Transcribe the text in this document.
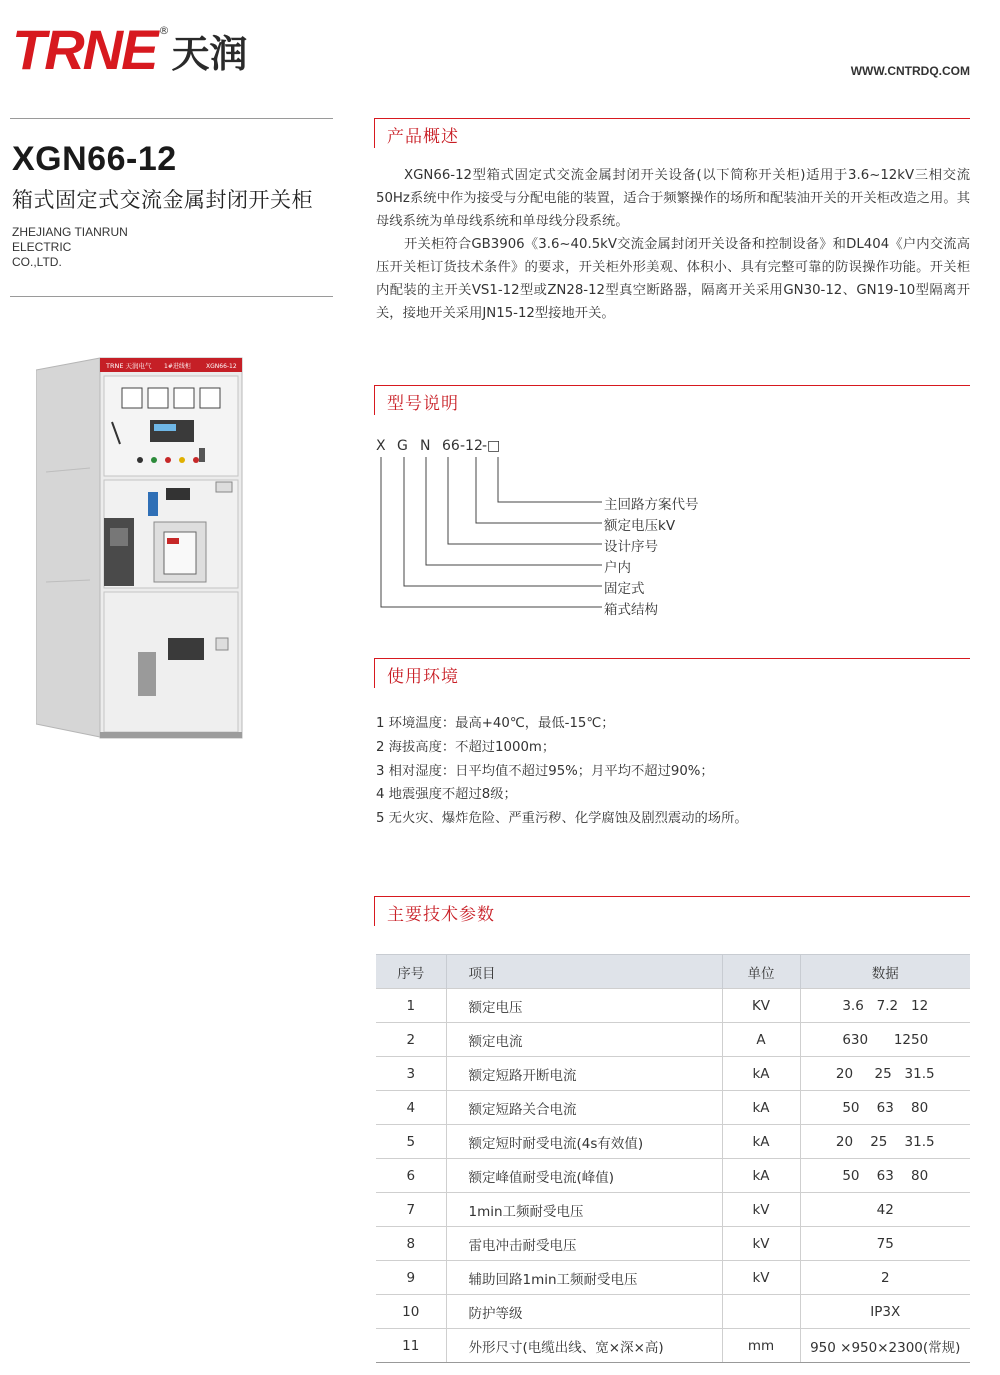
TRNE ®
天润	WWW.CNTRDQ.COM
XGN66-12
箱式固定式交流金属封闭开关柜
ZHEJIANG TIANRUN
ELECTRIC
CO.,LTD.
TRNE 天润电气 1#进线柜	XGN66-12
产品概述
XGN66-12型箱式固定式交流金属封闭开关设备(以下简称开关柜)适用于3.6~12kV三相交流50Hz系统中作为接受与分配电能的装置，适合于频繁操作的场所和配装油开关的开关柜改造之用。其母线系统为单母线系统和单母线分段系统。
开关柜符合GB3906《3.6~40.5kV交流金属封闭开关设备和控制设备》和DL404《户内交流高压开关柜订货技术条件》的要求，开关柜外形美观、体积小、具有完整可靠的防误操作功能。开关柜内配装的主开关VS1-12型或ZN28-12型真空断路器，隔离开关采用GN30-12、GN19-10型隔离开关，接地开关采用JN15-12型接地开关。
型号说明
X G N 66 -12 -□
主回路方案代号
额定电压kV
设计序号
户内
固定式
箱式结构
使用环境
1 环境温度：最高+40℃，最低-15℃；
2 海拔高度：不超过1000m；
3 相对湿度：日平均值不超过95%；月平均不超过90%；
4 地震强度不超过8级；
5 无火灾、爆炸危险、严重污秽、化学腐蚀及剧烈震动的场所。
主要技术参数
序号	项目	单位	数据
1	额定电压	KV	3.6   7.2   12
2	额定电流	A	630      1250
3	额定短路开断电流	kA	20     25   31.5
4	额定短路关合电流	kA	50    63    80
5	额定短时耐受电流(4s有效值)	kA	20    25    31.5
6	额定峰值耐受电流(峰值)	kA	50    63    80
7	1min工频耐受电压	kV	42
8	雷电冲击耐受电压	kV	75
9	辅助回路1min工频耐受电压	kV	2
10	防护等级		IP3X
11	外形尺寸(电缆出线、宽×深×高)	mm	950 ×950×2300(常规)
